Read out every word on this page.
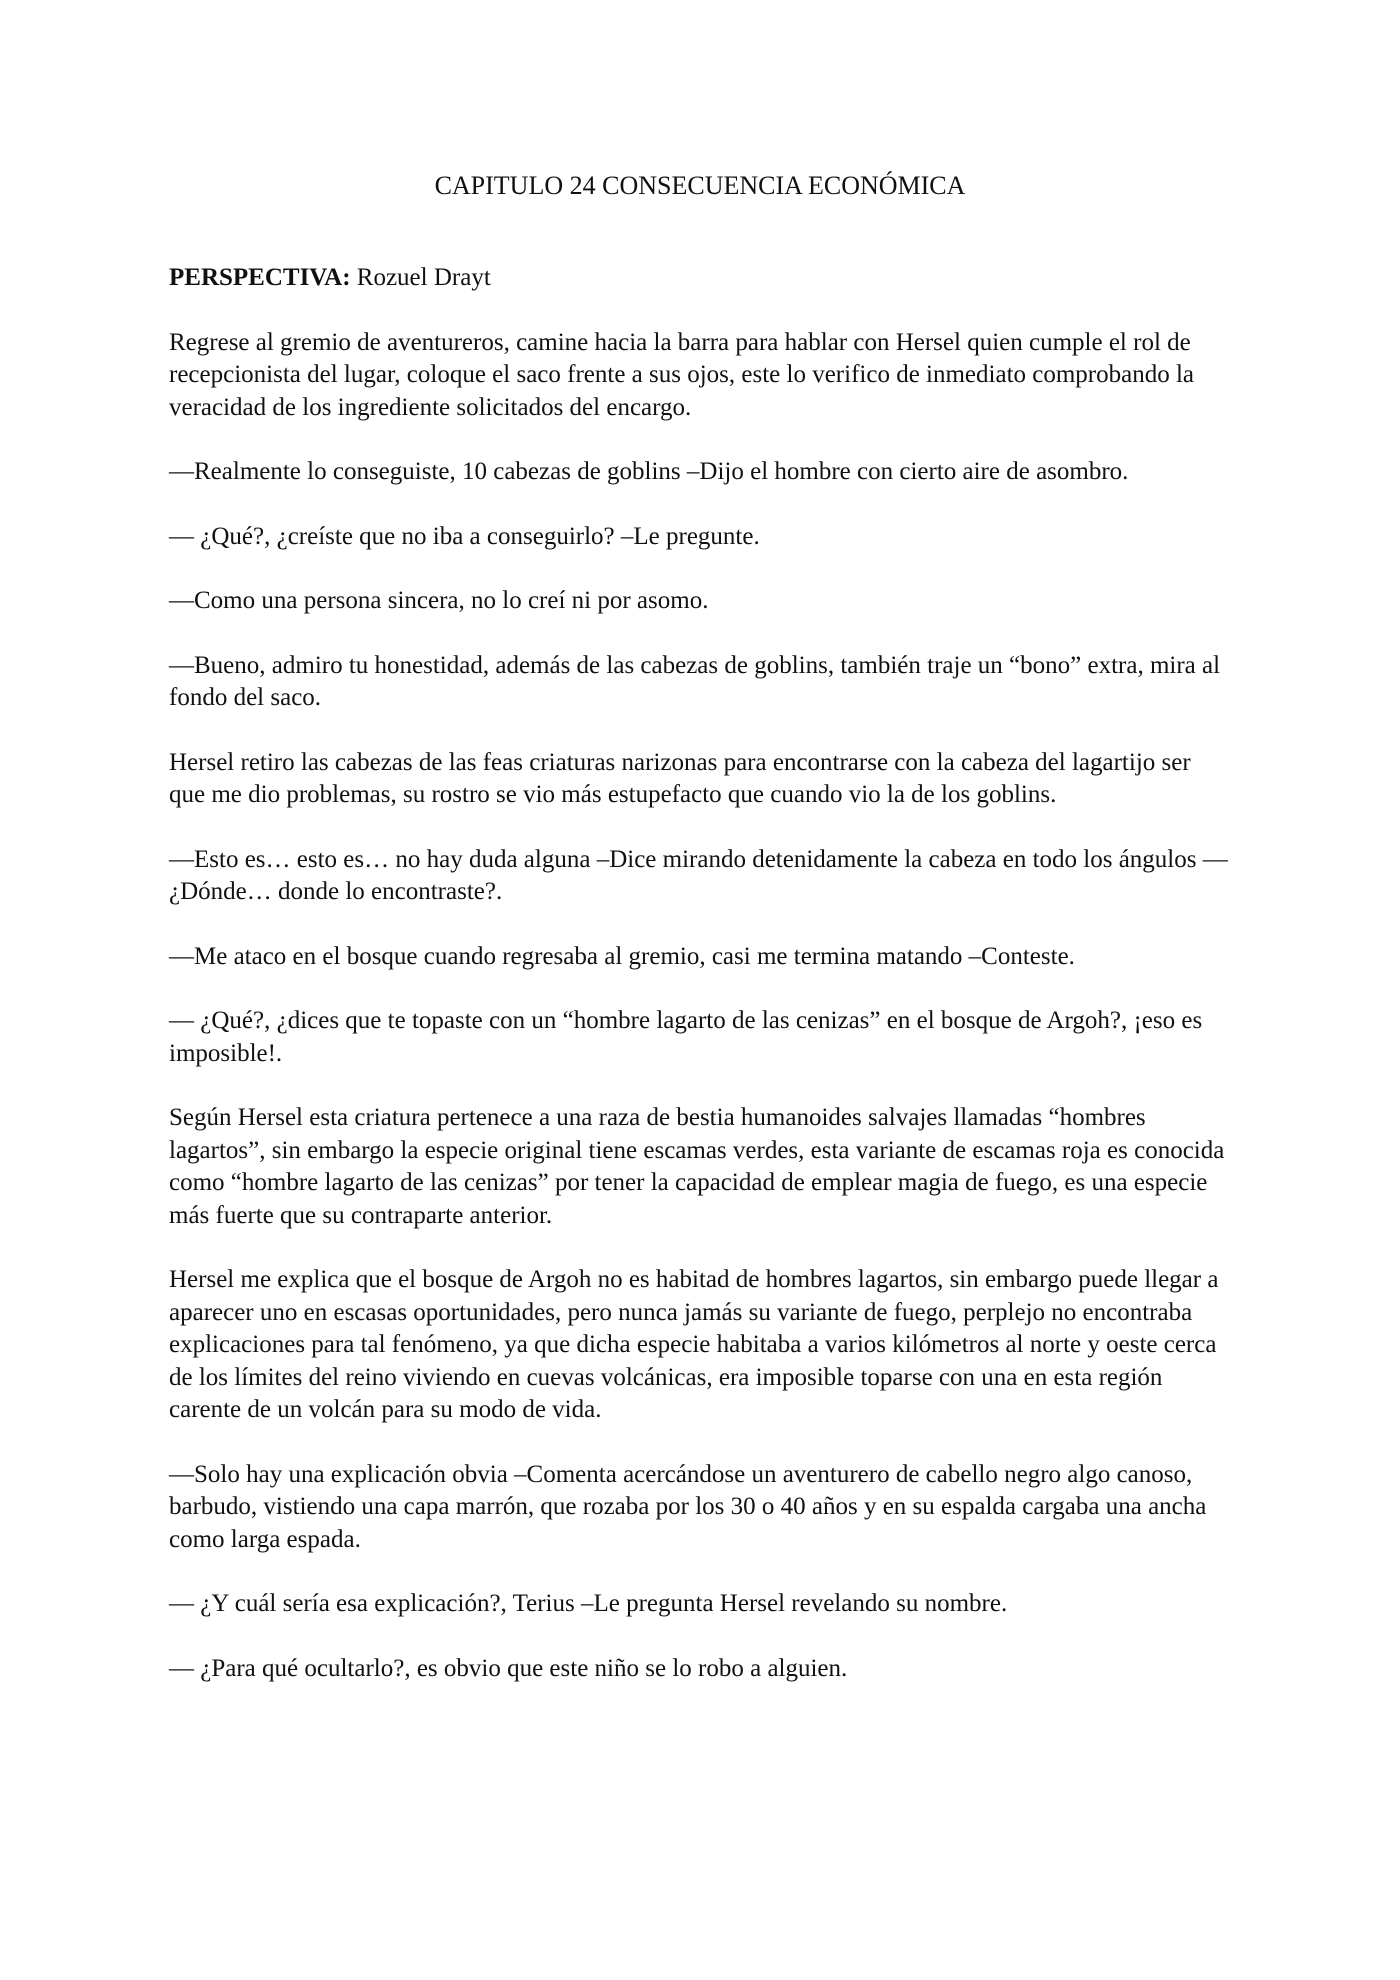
CAPITULO 24 CONSECUENCIA ECONÓMICA

PERSPECTIVA: Rozuel Drayt

Regrese al gremio de aventureros, camine hacia la barra para hablar con Hersel quien cumple el rol de recepcionista del lugar, coloque el saco frente a sus ojos, este lo verifico de inmediato comprobando la veracidad de los ingrediente solicitados del encargo.

—Realmente lo conseguiste, 10 cabezas de goblins –Dijo el hombre con cierto aire de asombro.

— ¿Qué?, ¿creíste que no iba a conseguirlo? –Le pregunte.

—Como una persona sincera, no lo creí ni por asomo.

—Bueno, admiro tu honestidad, además de las cabezas de goblins, también traje un “bono” extra, mira al fondo del saco.

Hersel retiro las cabezas de las feas criaturas narizonas para encontrarse con la cabeza del lagartijo ser que me dio problemas, su rostro se vio más estupefacto que cuando vio la de los goblins.

—Esto es… esto es… no hay duda alguna –Dice mirando detenidamente la cabeza en todo los ángulos —¿Dónde… donde lo encontraste?.

—Me ataco en el bosque cuando regresaba al gremio, casi me termina matando –Conteste.

— ¿Qué?, ¿dices que te topaste con un “hombre lagarto de las cenizas” en el bosque de Argoh?, ¡eso es imposible!.

Según Hersel esta criatura pertenece a una raza de bestia humanoides salvajes llamadas “hombres lagartos”, sin embargo la especie original tiene escamas verdes, esta variante de escamas roja es conocida como “hombre lagarto de las cenizas” por tener la capacidad de emplear magia de fuego, es una especie más fuerte que su contraparte anterior.

Hersel me explica que el bosque de Argoh no es habitad de hombres lagartos, sin embargo puede llegar a aparecer uno en escasas oportunidades, pero nunca jamás su variante de fuego, perplejo no encontraba explicaciones para tal fenómeno, ya que dicha especie habitaba a varios kilómetros al norte y oeste cerca de los límites del reino viviendo en cuevas volcánicas, era imposible toparse con una en esta región carente de un volcán para su modo de vida.

—Solo hay una explicación obvia –Comenta acercándose un aventurero de cabello negro algo canoso, barbudo, vistiendo una capa marrón, que rozaba por los 30 o 40 años y en su espalda cargaba una ancha como larga espada.

— ¿Y cuál sería esa explicación?, Terius –Le pregunta Hersel revelando su nombre.

— ¿Para qué ocultarlo?, es obvio que este niño se lo robo a alguien.
